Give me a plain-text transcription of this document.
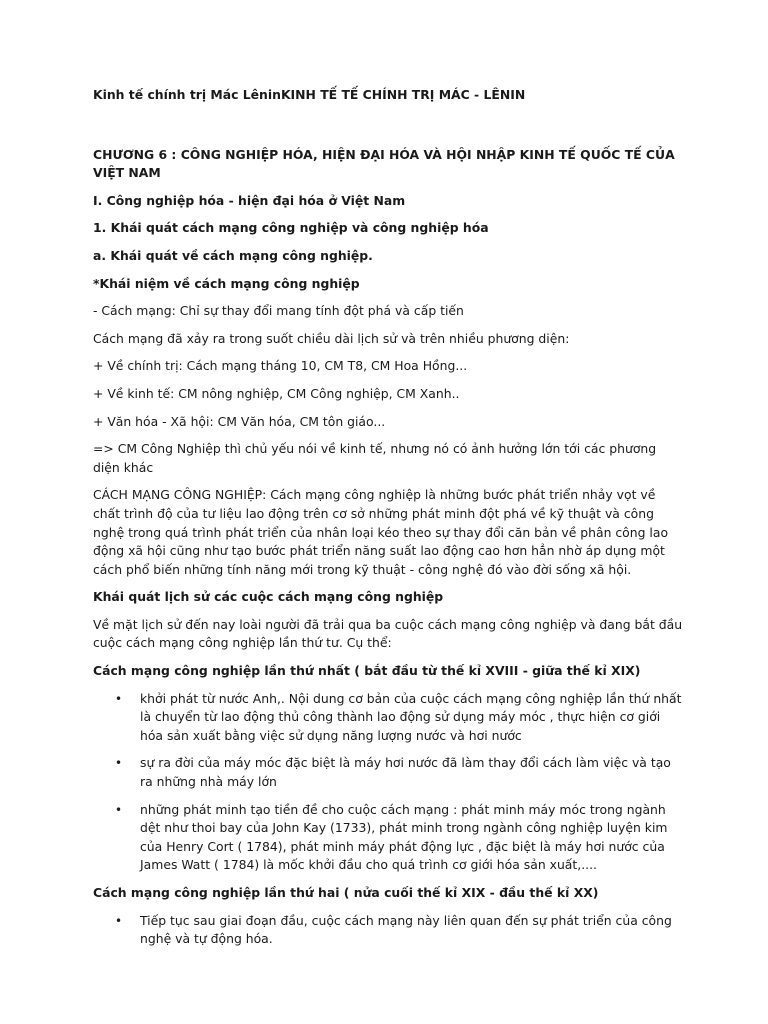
Kinh tế chính trị Mác LêninKINH TẾ TẾ CHÍNH TRỊ MÁC - LÊNIN

CHƯƠNG 6 : CÔNG NGHIỆP HÓA, HIỆN ĐẠI HÓA VÀ HỘI NHẬP KINH TẾ QUỐC TẾ CỦA VIỆT NAM

I. Công nghiệp hóa - hiện đại hóa ở Việt Nam

1. Khái quát cách mạng công nghiệp và công nghiệp hóa

a. Khái quát về cách mạng công nghiệp.

*Khái niệm về cách mạng công nghiệp

- Cách mạng: Chỉ sự thay đổi mang tính đột phá và cấp tiến

Cách mạng đã xảy ra trong suốt chiều dài lịch sử và trên nhiều phương diện:

+ Về chính trị: Cách mạng tháng 10, CM T8, CM Hoa Hồng...

+ Về kinh tế: CM nông nghiệp, CM Công nghiệp, CM Xanh..

+ Văn hóa - Xã hội: CM Văn hóa, CM tôn giáo...

=> CM Công Nghiệp thì chủ yếu nói về kinh tế, nhưng nó có ảnh hưởng lớn tới các phương diện khác

CÁCH MẠNG CÔNG NGHIỆP: Cách mạng công nghiệp là những bước phát triển nhảy vọt về chất trình độ của tư liệu lao động trên cơ sở những phát minh đột phá về kỹ thuật và công nghệ trong quá trình phát triển của nhân loại kéo theo sự thay đổi căn bản về phân công lao động xã hội cũng như tạo bước phát triển năng suất lao động cao hơn hẳn nhờ áp dụng một cách phổ biến những tính năng mới trong kỹ thuật - công nghệ đó vào đời sống xã hội.

Khái quát lịch sử các cuộc cách mạng công nghiệp

Về mặt lịch sử đến nay loài người đã trải qua ba cuộc cách mạng công nghiệp và đang bắt đầu cuộc cách mạng công nghiệp lần thứ tư. Cụ thể:

Cách mạng công nghiệp lần thứ nhất ( bắt đầu từ thế kỉ XVIII - giữa thế kỉ XIX)

• khởi phát từ nước Anh,. Nội dung cơ bản của cuộc cách mạng công nghiệp lần thứ nhất là chuyển từ lao động thủ công thành lao động sử dụng máy móc , thực hiện cơ giới hóa sản xuất bằng việc sử dụng năng lượng nước và hơi nước
• sự ra đời của máy móc đặc biệt là máy hơi nước đã làm thay đổi cách làm việc và tạo ra những nhà máy lớn
• những phát minh tạo tiền đề cho cuộc cách mạng : phát minh máy móc trong ngành dệt như thoi bay của John Kay (1733), phát minh trong ngành công nghiệp luyện kim của Henry Cort ( 1784), phát minh máy phát động lực , đặc biệt là máy hơi nước của James Watt ( 1784) là mốc khởi đầu cho quá trình cơ giới hóa sản xuất,....

Cách mạng công nghiệp lần thứ hai ( nửa cuối thế kỉ XIX - đầu thế kỉ XX)

• Tiếp tục sau giai đoạn đầu, cuộc cách mạng này liên quan đến sự phát triển của công nghệ và tự động hóa.
